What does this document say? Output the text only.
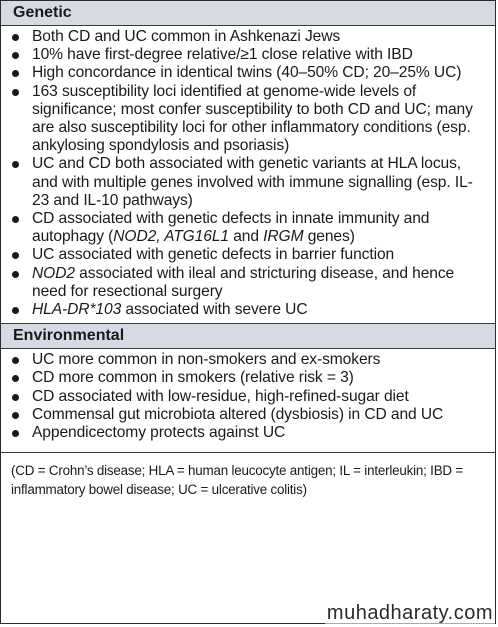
Genetic
Both CD and UC common in Ashkenazi Jews
10% have first-degree relative/≥1 close relative with IBD
High concordance in identical twins (40–50% CD; 20–25% UC)
163 susceptibility loci identified at genome-wide levels of significance; most confer susceptibility to both CD and UC; many are also susceptibility loci for other inflammatory conditions (esp. ankylosing spondylosis and psoriasis)
UC and CD both associated with genetic variants at HLA locus, and with multiple genes involved with immune signalling (esp. IL-23 and IL-10 pathways)
CD associated with genetic defects in innate immunity and autophagy (NOD2, ATG16L1 and IRGM genes)
UC associated with genetic defects in barrier function
NOD2 associated with ileal and stricturing disease, and hence need for resectional surgery
HLA-DR*103 associated with severe UC
Environmental
UC more common in non-smokers and ex-smokers
CD more common in smokers (relative risk = 3)
CD associated with low-residue, high-refined-sugar diet
Commensal gut microbiota altered (dysbiosis) in CD and UC
Appendicectomy protects against UC
(CD = Crohn’s disease; HLA = human leucocyte antigen; IL = interleukin; IBD = inflammatory bowel disease; UC = ulcerative colitis)
muhadharaty.com
